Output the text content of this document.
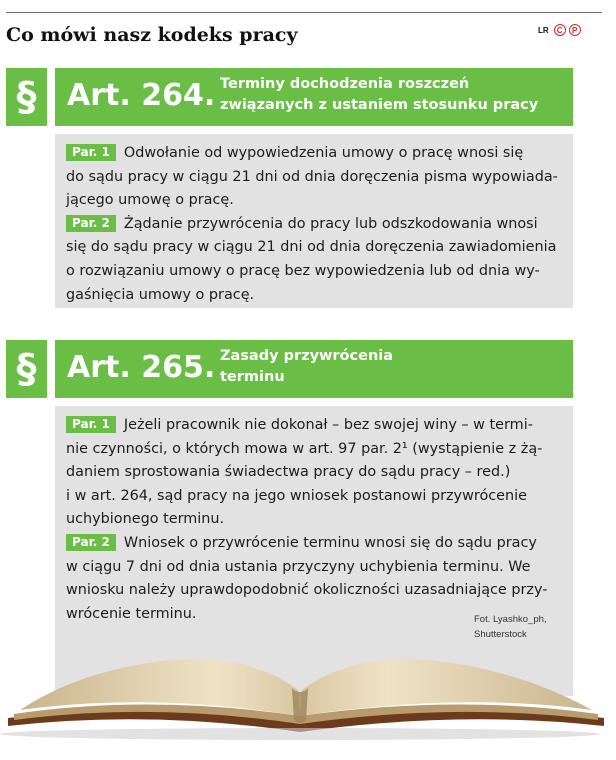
Co mówi nasz kodeks pracy	LR	C	P
§	Art. 264. Terminy dochodzenia roszczeń
związanych z ustaniem stosunku pracy
Par. 1 Odwołanie od wypowiedzenia umowy o pracę wnosi się
do sądu pracy w ciągu 21 dni od dnia doręczenia pisma wypowiada-
jącego umowę o pracę.
Par. 2 Żądanie przywrócenia do pracy lub odszkodowania wnosi
się do sądu pracy w ciągu 21 dni od dnia doręczenia zawiadomienia
o rozwiązaniu umowy o pracę bez wypowiedzenia lub od dnia wy-
gaśnięcia umowy o pracę.
§	Art. 265. Zasady przywrócenia
terminu
Par. 1 Jeżeli pracownik nie dokonał – bez swojej winy – w termi-
nie czynności, o których mowa w art. 97 par. 2¹ (wystąpienie z żą-
daniem sprostowania świadectwa pracy do sądu pracy – red.)
i w art. 264, sąd pracy na jego wniosek postanowi przywrócenie
uchybionego terminu.
Par. 2 Wniosek o przywrócenie terminu wnosi się do sądu pracy
w ciągu 7 dni od dnia ustania przyczyny uchybienia terminu. We
wniosku należy uprawdopodobnić okoliczności uzasadniające przy-
wrócenie terminu.	Fot. Lyashko_ph,
Shutterstock
